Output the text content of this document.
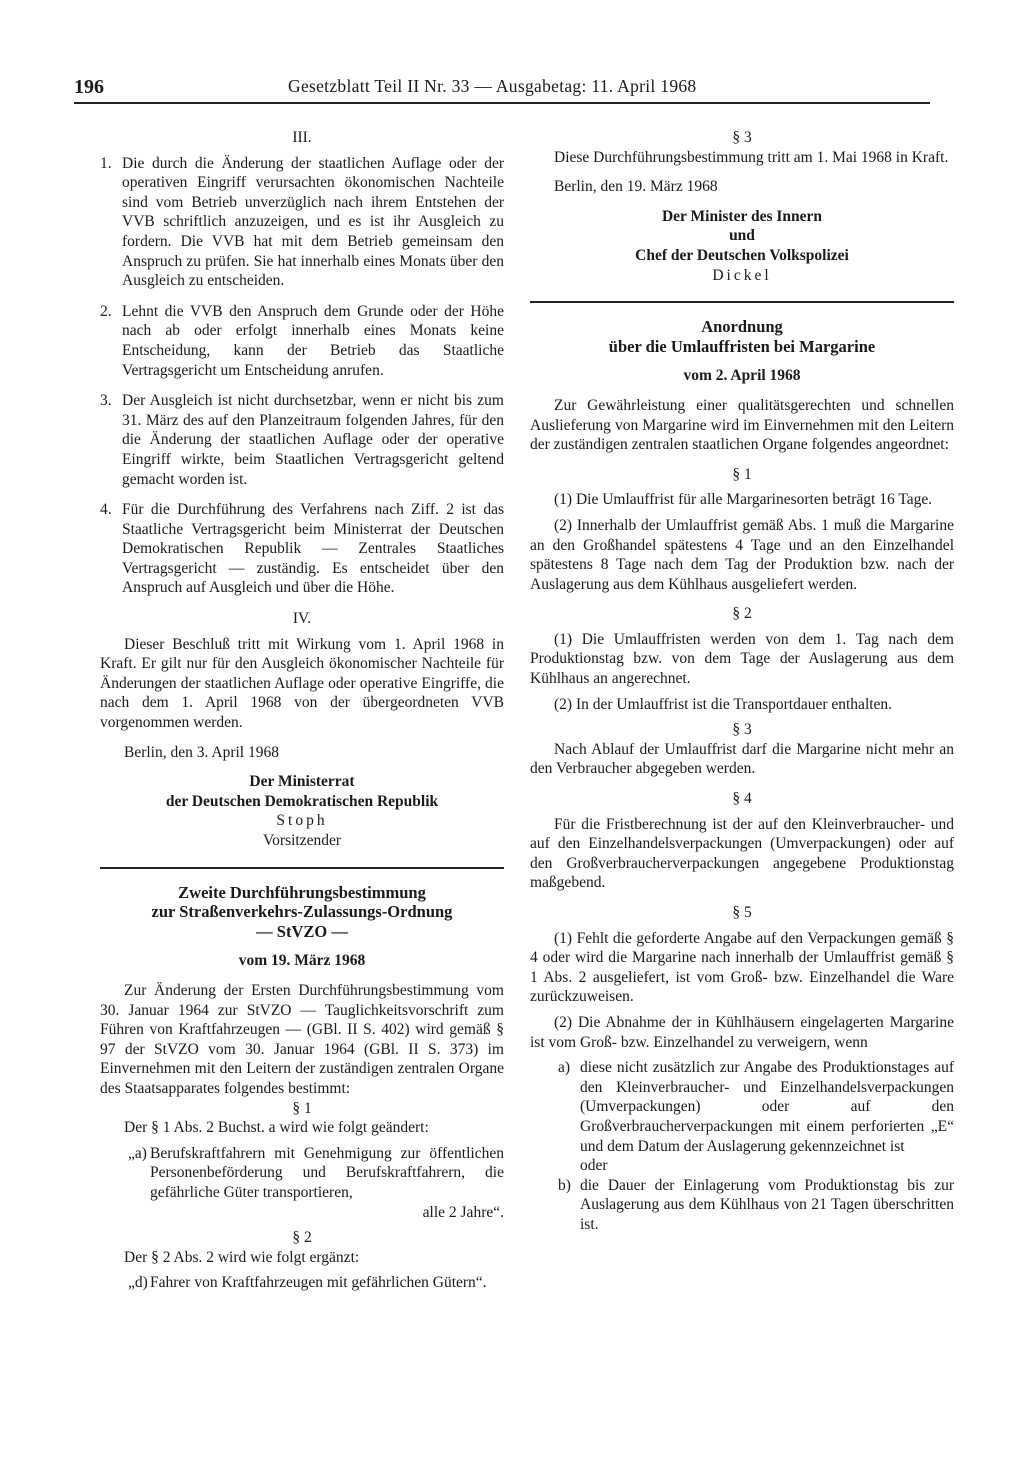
196	Gesetzblatt Teil II Nr. 33 — Ausgabetag: 11. April 1968

III.

1. Die durch die Änderung der staatlichen Auflage oder der operativen Eingriff verursachten ökonomischen Nachteile sind vom Betrieb unverzüglich nach ihrem Entstehen der VVB schriftlich anzuzeigen, und es ist ihr Ausgleich zu fordern. Die VVB hat mit dem Betrieb gemeinsam den Anspruch zu prüfen. Sie hat innerhalb eines Monats über den Ausgleich zu entscheiden.
2. Lehnt die VVB den Anspruch dem Grunde oder der Höhe nach ab oder erfolgt innerhalb eines Monats keine Entscheidung, kann der Betrieb das Staatliche Vertragsgericht um Entscheidung anrufen.
3. Der Ausgleich ist nicht durchsetzbar, wenn er nicht bis zum 31. März des auf den Planzeitraum folgenden Jahres, für den die Änderung der staatlichen Auflage oder der operative Eingriff wirkte, beim Staatlichen Vertragsgericht geltend gemacht worden ist.
4. Für die Durchführung des Verfahrens nach Ziff. 2 ist das Staatliche Vertragsgericht beim Ministerrat der Deutschen Demokratischen Republik — Zentrales Staatliches Vertragsgericht — zuständig. Es entscheidet über den Anspruch auf Ausgleich und über die Höhe.

IV.

Dieser Beschluß tritt mit Wirkung vom 1. April 1968 in Kraft. Er gilt nur für den Ausgleich ökonomischer Nachteile für Änderungen der staatlichen Auflage oder operative Eingriffe, die nach dem 1. April 1968 von der übergeordneten VVB vorgenommen werden.

Berlin, den 3. April 1968

Der Ministerrat

der Deutschen Demokratischen Republik

Stoph

Vorsitzender

Zweite Durchführungsbestimmung

zur Straßenverkehrs-Zulassungs-Ordnung

— StVZO —

vom 19. März 1968

Zur Änderung der Ersten Durchführungsbestimmung vom 30. Januar 1964 zur StVZO — Tauglichkeitsvorschrift zum Führen von Kraftfahrzeugen — (GBl. II S. 402) wird gemäß § 97 der StVZO vom 30. Januar 1964 (GBl. II S. 373) im Einvernehmen mit den Leitern der zuständigen zentralen Organe des Staatsapparates folgendes bestimmt:

§ 1

Der § 1 Abs. 2 Buchst. a wird wie folgt geändert:

„a) Berufskraftfahrern mit Genehmigung zur öffentlichen Personenbeförderung und Berufskraftfahrern, die gefährliche Güter transportieren,

alle 2 Jahre“.

§ 2

Der § 2 Abs. 2 wird wie folgt ergänzt:

„d) Fahrer von Kraftfahrzeugen mit gefährlichen Gütern“.

§ 3

Diese Durchführungsbestimmung tritt am 1. Mai 1968 in Kraft.

Berlin, den 19. März 1968

Der Minister des Innern

und

Chef der Deutschen Volkspolizei

Dickel

Anordnung

über die Umlauffristen bei Margarine

vom 2. April 1968

Zur Gewährleistung einer qualitätsgerechten und schnellen Auslieferung von Margarine wird im Einvernehmen mit den Leitern der zuständigen zentralen staatlichen Organe folgendes angeordnet:

§ 1

(1) Die Umlauffrist für alle Margarinesorten beträgt 16 Tage.

(2) Innerhalb der Umlauffrist gemäß Abs. 1 muß die Margarine an den Großhandel spätestens 4 Tage und an den Einzelhandel spätestens 8 Tage nach dem Tag der Produktion bzw. nach der Auslagerung aus dem Kühlhaus ausgeliefert werden.

§ 2

(1) Die Umlauffristen werden von dem 1. Tag nach dem Produktionstag bzw. von dem Tage der Auslagerung aus dem Kühlhaus an angerechnet.

(2) In der Umlauffrist ist die Transportdauer enthalten.

§ 3

Nach Ablauf der Umlauffrist darf die Margarine nicht mehr an den Verbraucher abgegeben werden.

§ 4

Für die Fristberechnung ist der auf den Kleinverbraucher- und auf den Einzelhandelsverpackungen (Umverpackungen) oder auf den Großverbraucherverpackungen angegebene Produktionstag maßgebend.

§ 5

(1) Fehlt die geforderte Angabe auf den Verpackungen gemäß § 4 oder wird die Margarine nach innerhalb der Umlauffrist gemäß § 1 Abs. 2 ausgeliefert, ist vom Groß- bzw. Einzelhandel die Ware zurückzuweisen.

(2) Die Abnahme der in Kühlhäusern eingelagerten Margarine ist vom Groß- bzw. Einzelhandel zu verweigern, wenn

a) diese nicht zusätzlich zur Angabe des Produktionstages auf den Kleinverbraucher- und Einzelhandelsverpackungen (Umverpackungen) oder auf den Großverbraucherverpackungen mit einem perforierten „E“ und dem Datum der Auslagerung gekennzeichnet ist

oder

b) die Dauer der Einlagerung vom Produktionstag bis zur Auslagerung aus dem Kühlhaus von 21 Tagen überschritten ist.
